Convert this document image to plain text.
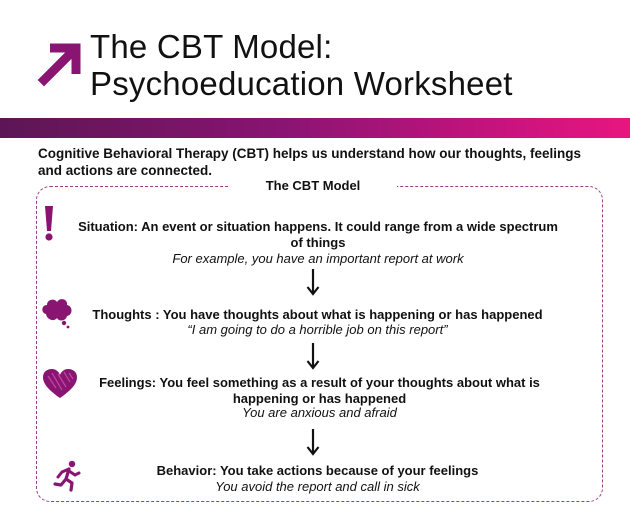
The CBT Model:
Psychoeducation Worksheet

Cognitive Behavioral Therapy (CBT) helps us understand how our thoughts, feelings and actions are connected.

The CBT Model

Situation: An event or situation happens. It could range from a wide spectrum
of things

For example, you have an important report at work

Thoughts : You have thoughts about what is happening or has happened

“I am going to do a horrible job on this report”

Feelings: You feel something as a result of your thoughts about what is
happening or has happened

You are anxious and afraid

Behavior: You take actions because of your feelings

You avoid the report and call in sick
